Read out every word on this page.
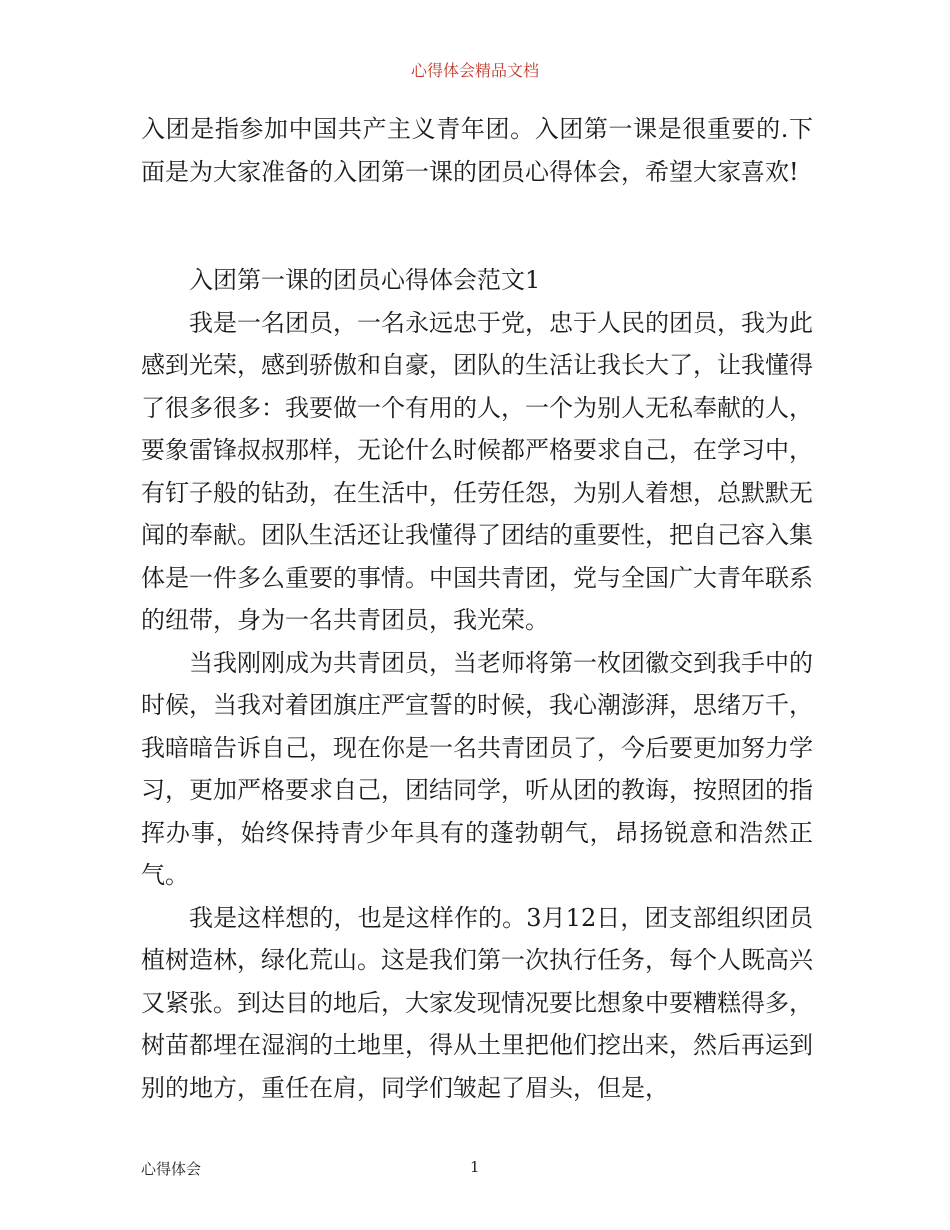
心得体会精品文档

入团是指参加中国共产主义青年团。入团第一课是很重要的.下面是为大家准备的入团第一课的团员心得体会，希望大家喜欢!

入团第一课的团员心得体会范文1

我是一名团员，一名永远忠于党，忠于人民的团员，我为此感到光荣，感到骄傲和自豪，团队的生活让我长大了，让我懂得了很多很多：我要做一个有用的人，一个为别人无私奉献的人，要象雷锋叔叔那样，无论什么时候都严格要求自己，在学习中，有钉子般的钻劲，在生活中，任劳任怨，为别人着想，总默默无闻的奉献。团队生活还让我懂得了团结的重要性，把自己容入集体是一件多么重要的事情。中国共青团，党与全国广大青年联系的纽带，身为一名共青团员，我光荣。

当我刚刚成为共青团员，当老师将第一枚团徽交到我手中的时候，当我对着团旗庄严宣誓的时候，我心潮澎湃，思绪万千，我暗暗告诉自己，现在你是一名共青团员了，今后要更加努力学习，更加严格要求自己，团结同学，听从团的教诲，按照团的指挥办事，始终保持青少年具有的蓬勃朝气，昂扬锐意和浩然正气。

我是这样想的，也是这样作的。3月12日，团支部组织团员植树造林，绿化荒山。这是我们第一次执行任务，每个人既高兴又紧张。到达目的地后，大家发现情况要比想象中要糟糕得多，树苗都埋在湿润的土地里，得从土里把他们挖出来，然后再运到别的地方，重任在肩，同学们皱起了眉头，但是，

心得体会	1
